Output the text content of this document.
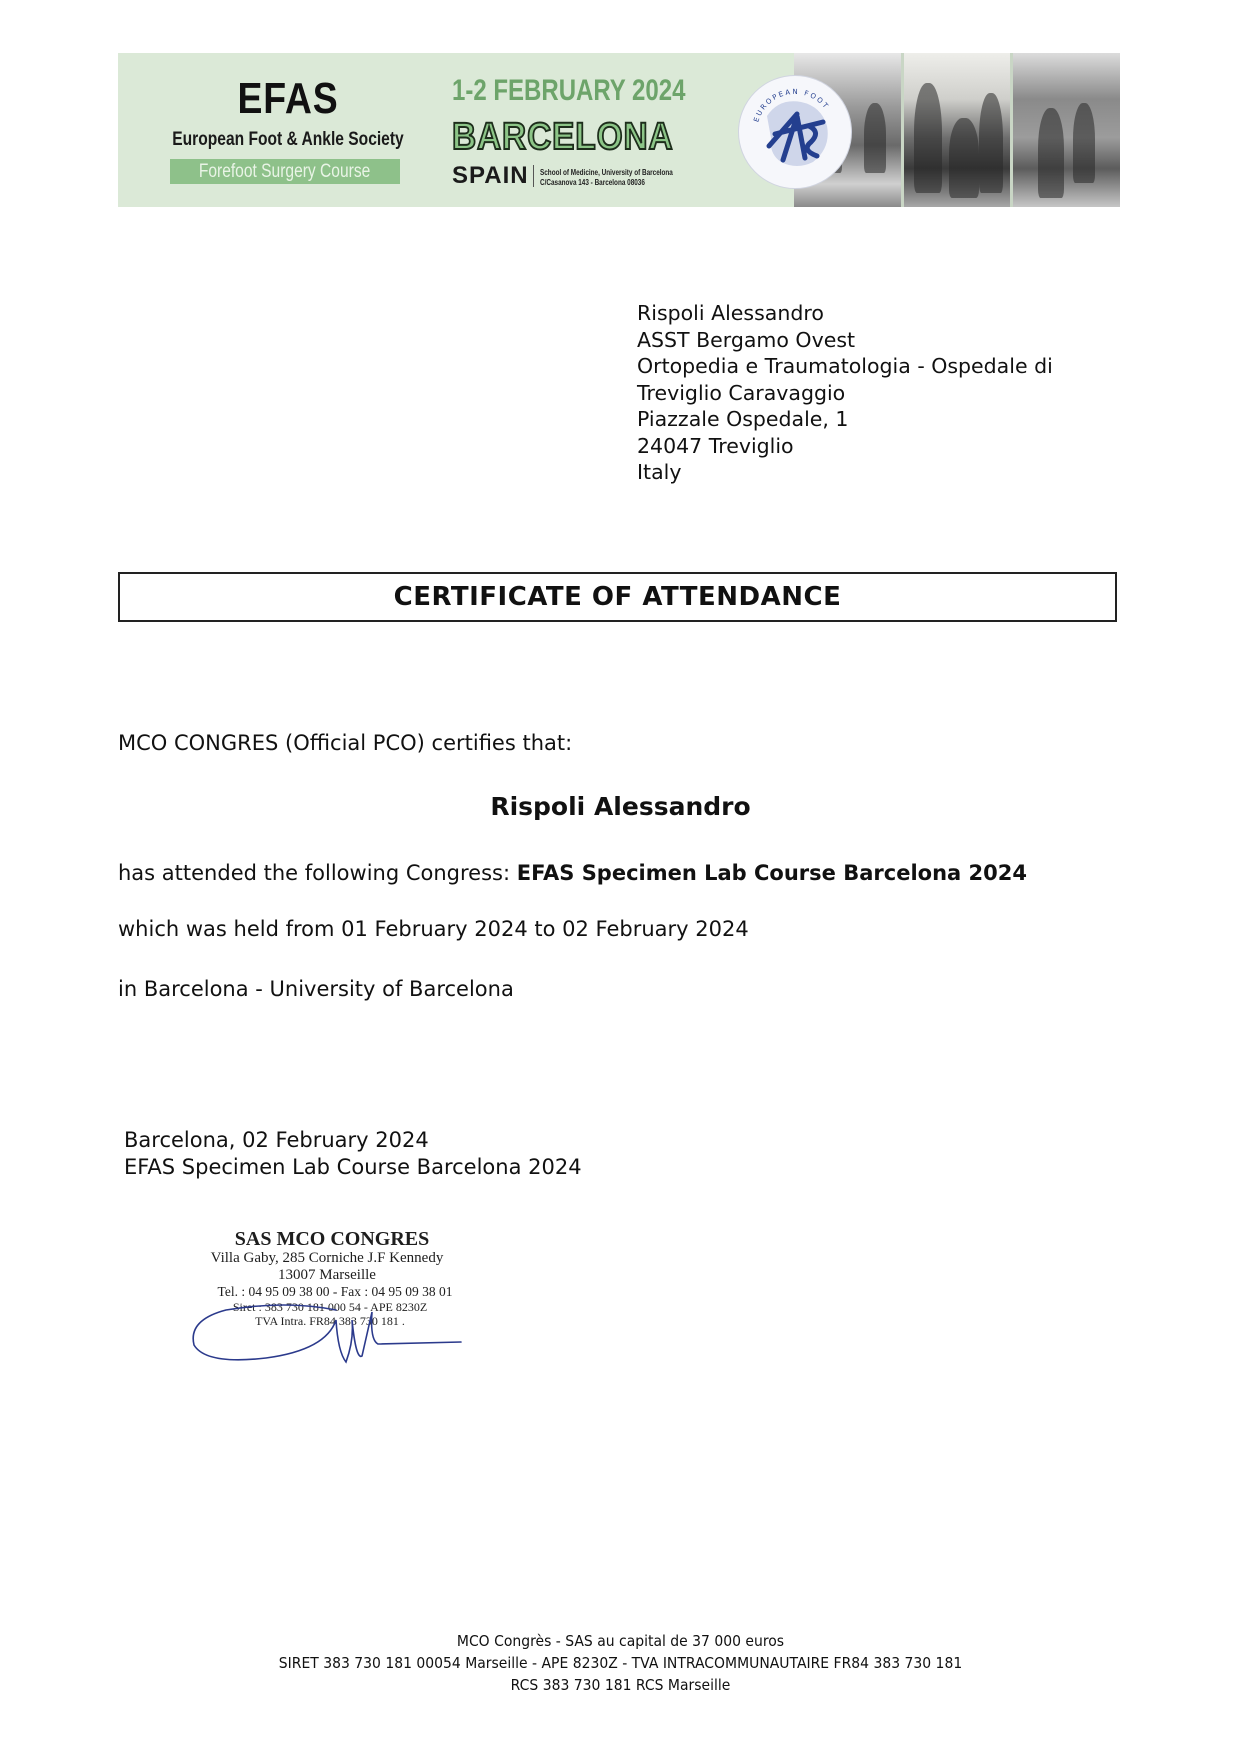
EFAS
European Foot & Ankle Society
Forefoot Surgery Course
1-2 FEBRUARY 2024
BARCELONA
SPAIN School of Medicine, University of Barcelona
C/Casanova 143 - Barcelona 08036
EUROPEAN FOOT
Rispoli Alessandro
ASST Bergamo Ovest
Ortopedia e Traumatologia - Ospedale di
Treviglio Caravaggio
Piazzale Ospedale, 1
24047 Treviglio
Italy
CERTIFICATE OF ATTENDANCE
MCO CONGRES (Official PCO) certifies that:
Rispoli Alessandro
has attended the following Congress: EFAS Specimen Lab Course Barcelona 2024
which was held from 01 February 2024 to 02 February 2024
in Barcelona - University of Barcelona
Barcelona, 02 February 2024
EFAS Specimen Lab Course Barcelona 2024
SAS MCO CONGRES
Villa Gaby, 285 Corniche J.F Kennedy
13007 Marseille
Tel. : 04 95 09 38 00 - Fax : 04 95 09 38 01
Siret : 383 730 181 000 54 - APE 8230Z
TVA Intra. FR84 383 730 181 .
MCO Congrès - SAS au capital de 37 000 euros
SIRET 383 730 181 00054 Marseille - APE 8230Z - TVA INTRACOMMUNAUTAIRE FR84 383 730 181
RCS 383 730 181 RCS Marseille
